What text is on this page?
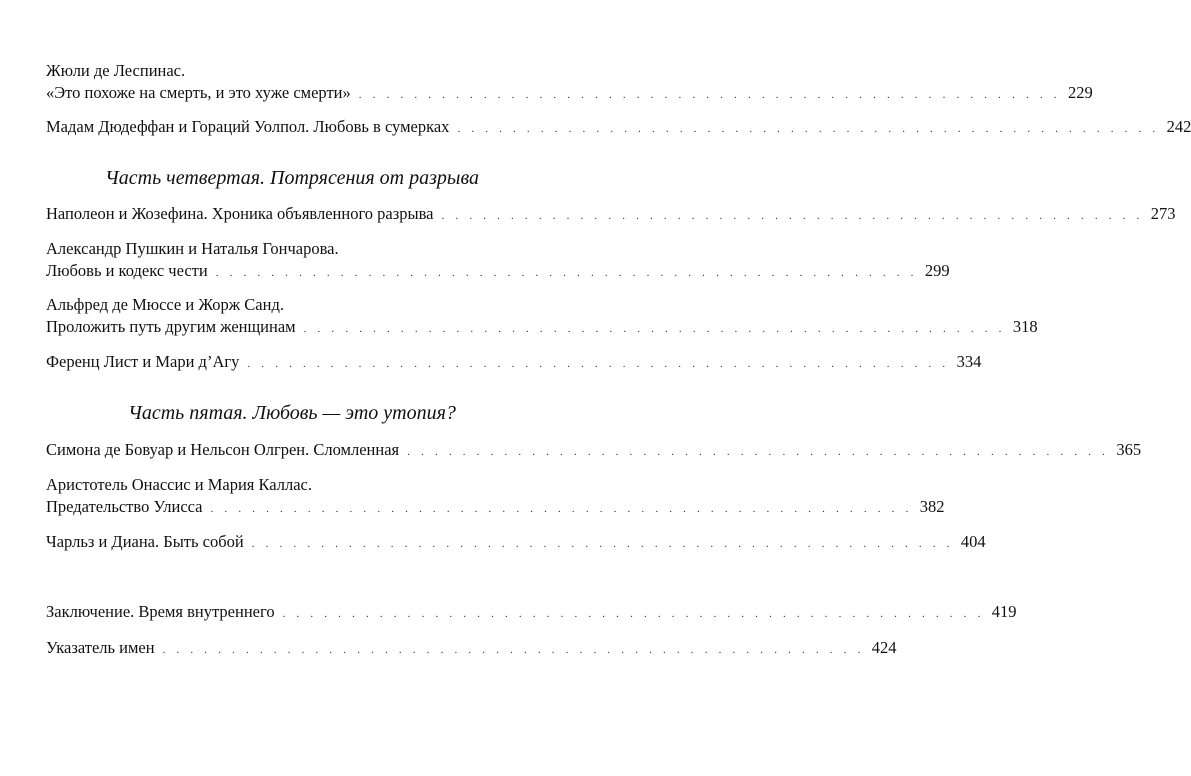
Жюли де Леспинас.
«Это похоже на смерть, и это хуже смерти» . . . . . . . . . . . . . . . . . . . . . . . . . . . . . . . . . . . . . . . . . . . . . . . . . . . 229
Мадам Дюдеффан и Гораций Уолпол. Любовь в сумерках . . . . . . . . . . . . . . . . . . . . . . . . . . . . . . . . . . . . . . . . . . . . . . . . . . . 242
Часть четвертая. Потрясения от разрыва
Наполеон и Жозефина. Хроника объявленного разрыва . . . . . . . . . . . . . . . . . . . . . . . . . . . . . . . . . . . . . . . . . . . . . . . . . . . 273
Александр Пушкин и Наталья Гончарова.
Любовь и кодекс чести . . . . . . . . . . . . . . . . . . . . . . . . . . . . . . . . . . . . . . . . . . . . . . . . . . . 299
Альфред де Мюссе и Жорж Санд.
Проложить путь другим женщинам . . . . . . . . . . . . . . . . . . . . . . . . . . . . . . . . . . . . . . . . . . . . . . . . . . . 318
Ференц Лист и Мари д’Агу . . . . . . . . . . . . . . . . . . . . . . . . . . . . . . . . . . . . . . . . . . . . . . . . . . . 334
Часть пятая. Любовь — это утопия?
Симона де Бовуар и Нельсон Олгрен. Сломленная . . . . . . . . . . . . . . . . . . . . . . . . . . . . . . . . . . . . . . . . . . . . . . . . . . . 365
Аристотель Онассис и Мария Каллас.
Предательство Улисса . . . . . . . . . . . . . . . . . . . . . . . . . . . . . . . . . . . . . . . . . . . . . . . . . . . 382
Чарльз и Диана. Быть собой . . . . . . . . . . . . . . . . . . . . . . . . . . . . . . . . . . . . . . . . . . . . . . . . . . . 404
Заключение. Время внутреннего . . . . . . . . . . . . . . . . . . . . . . . . . . . . . . . . . . . . . . . . . . . . . . . . . . . 419
Указатель имен . . . . . . . . . . . . . . . . . . . . . . . . . . . . . . . . . . . . . . . . . . . . . . . . . . . 424
